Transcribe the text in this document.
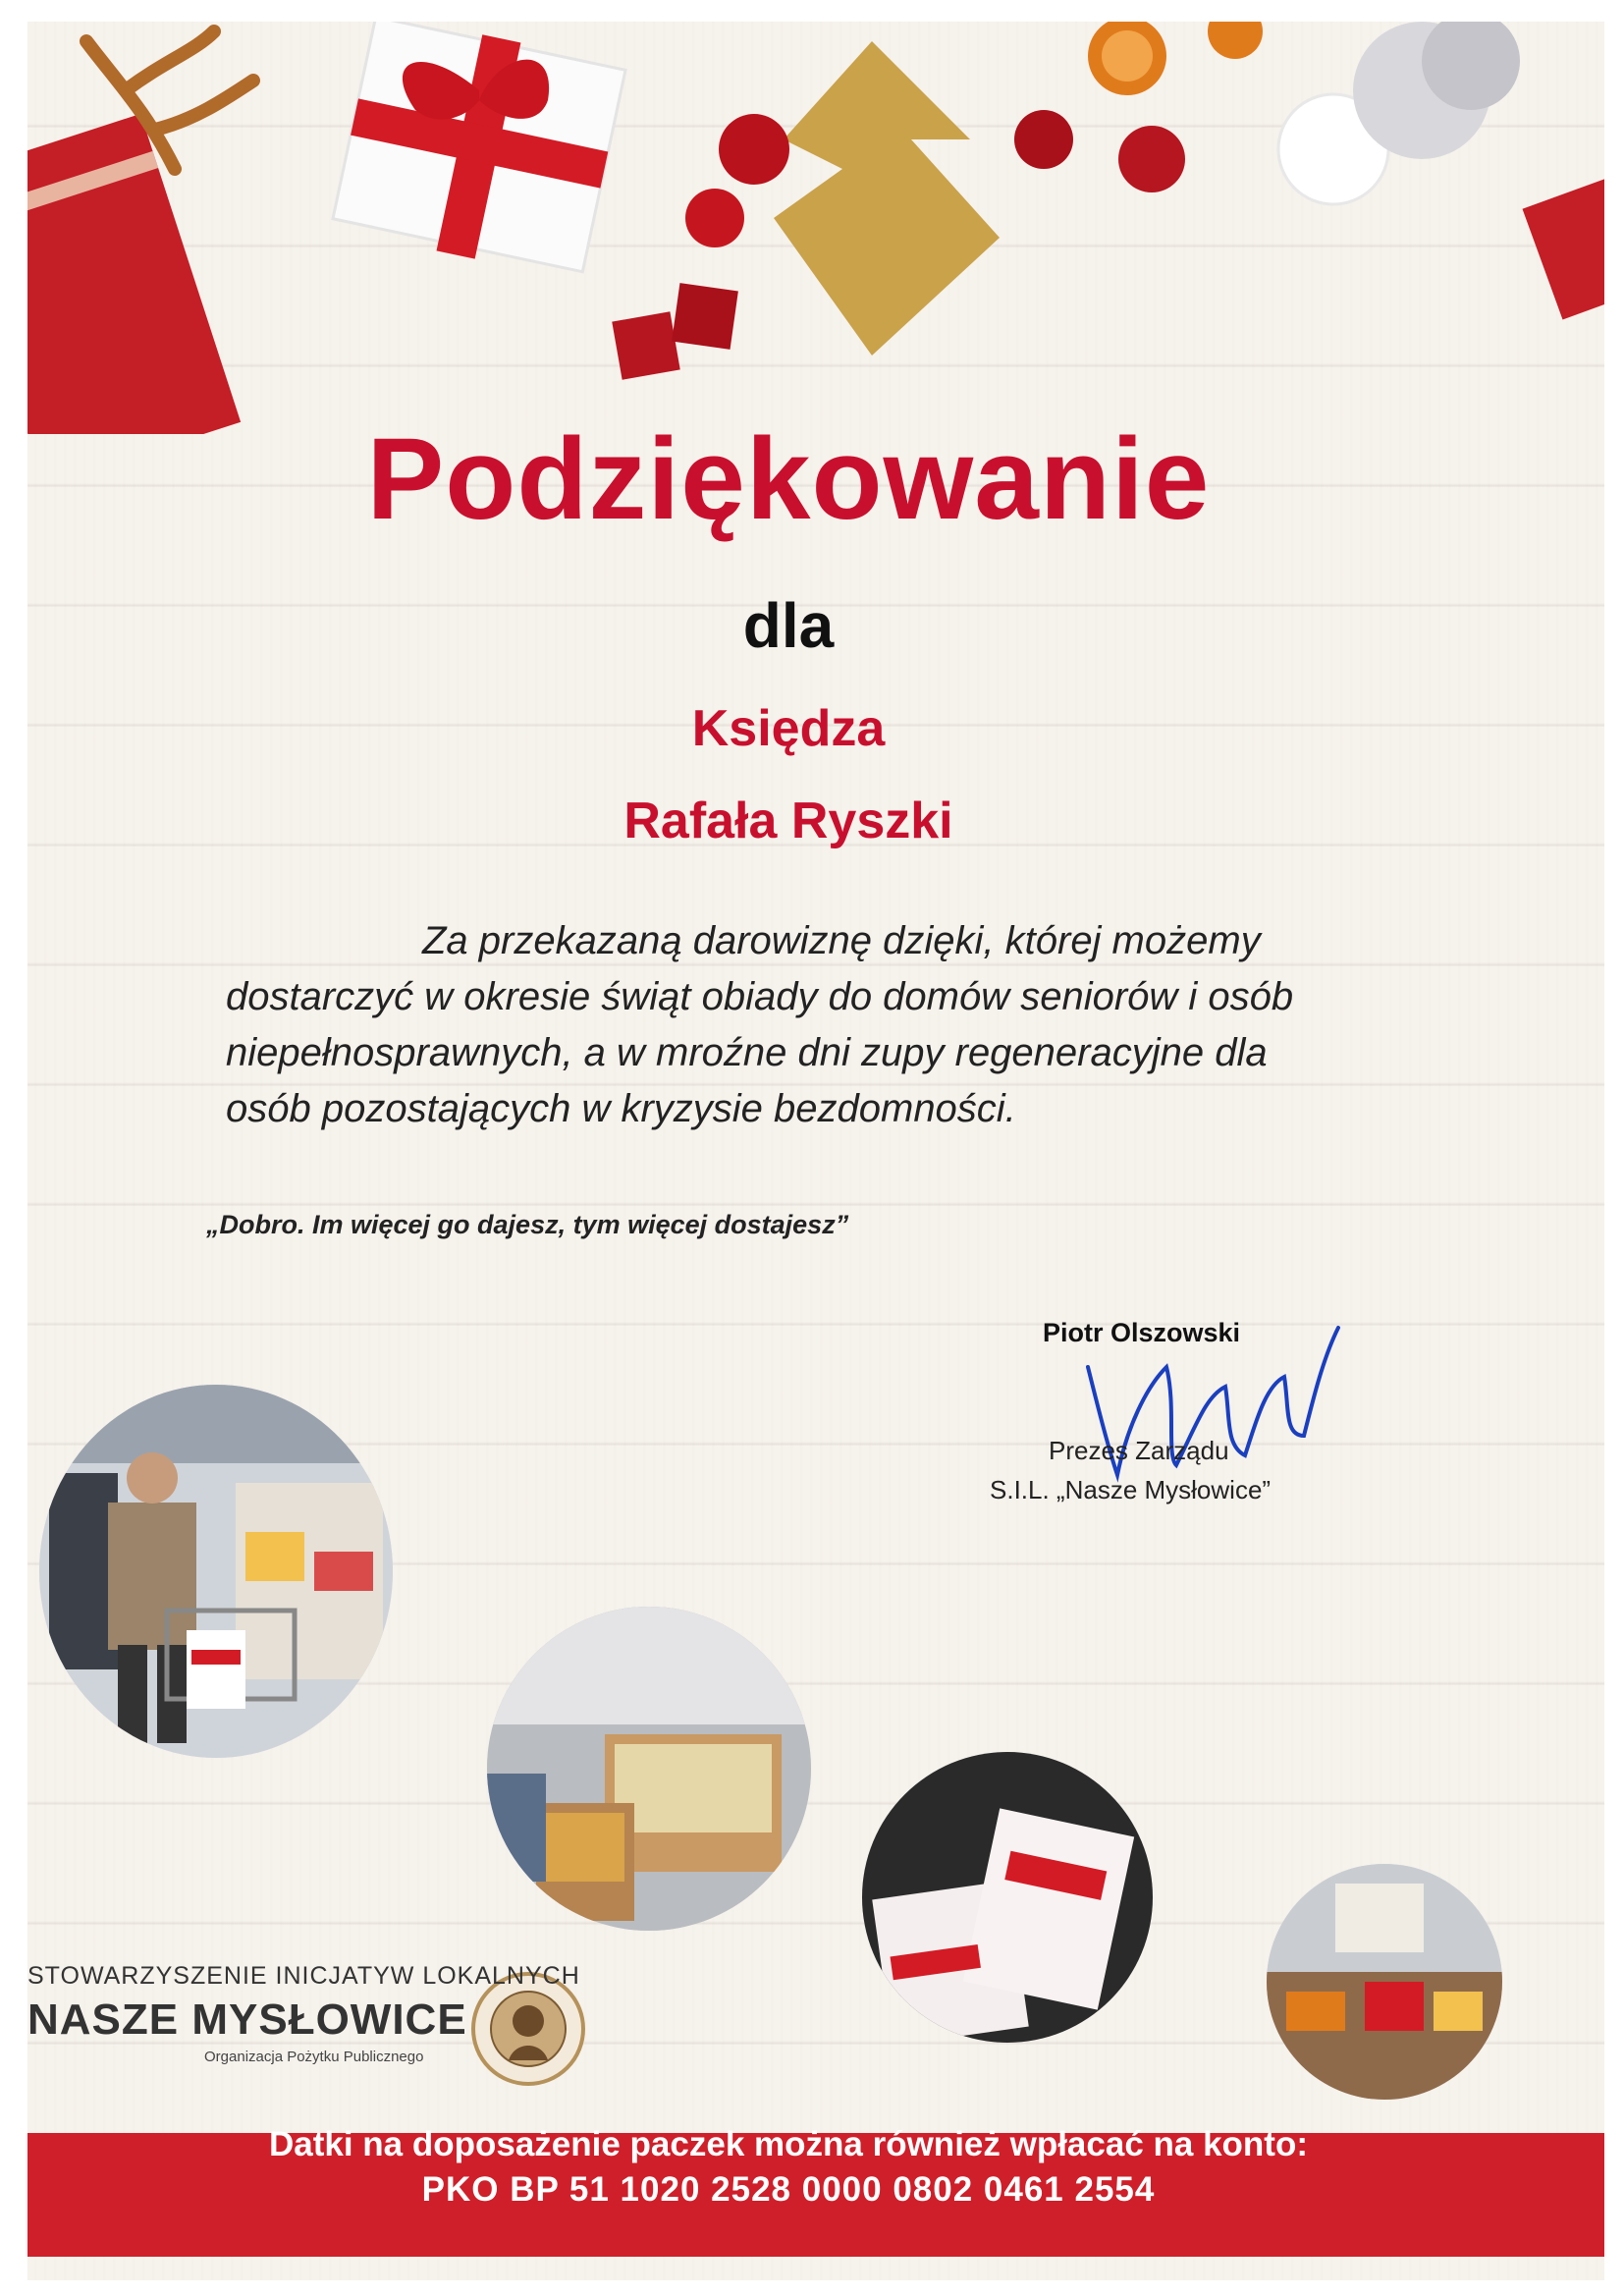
STOWARZYSZENIE INICJATYW LOKALNYCH
NASZE MYSŁOWICE
Organizacja Pożytku Publicznego
Podziękowanie
dla
Księdza
Rafała Ryszki
Za przekazaną darowiznę dzięki, której możemy
dostarczyć w okresie świąt obiady do domów seniorów i osób
niepełnosprawnych, a w mroźne dni zupy regeneracyjne dla
osób pozostających w kryzysie bezdomności.
„Dobro. Im więcej go dajesz, tym więcej dostajesz”
Piotr Olszowski
Prezes Zarządu
S.I.L. „Nasze Mysłowice”
Datki na doposażenie paczek można również wpłacać na konto:
PKO BP 51 1020 2528 0000 0802 0461 2554
